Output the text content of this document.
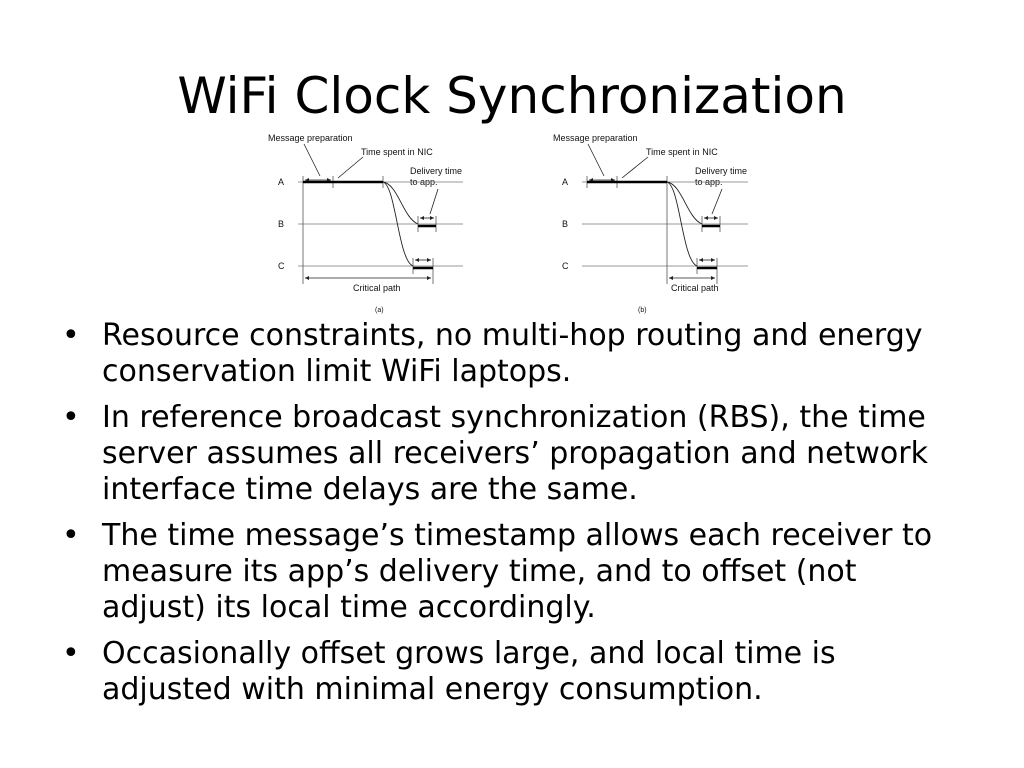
WiFi Clock Synchronization
Message preparation
Time spent in NIC
Delivery time
to app.
A
B
C
Critical path
(a)
Message preparation
Time spent in NIC
Delivery time
to app.
A
B
C
Critical path
(b)
• Resource constraints, no multi-hop routing and energy conservation limit WiFi laptops.
• In reference broadcast synchronization (RBS), the time server assumes all receivers’ propagation and network interface time delays are the same.
• The time message’s timestamp allows each receiver to measure its app’s delivery time, and to offset (not adjust) its local time accordingly.
• Occasionally offset grows large, and local time is adjusted with minimal energy consumption.
